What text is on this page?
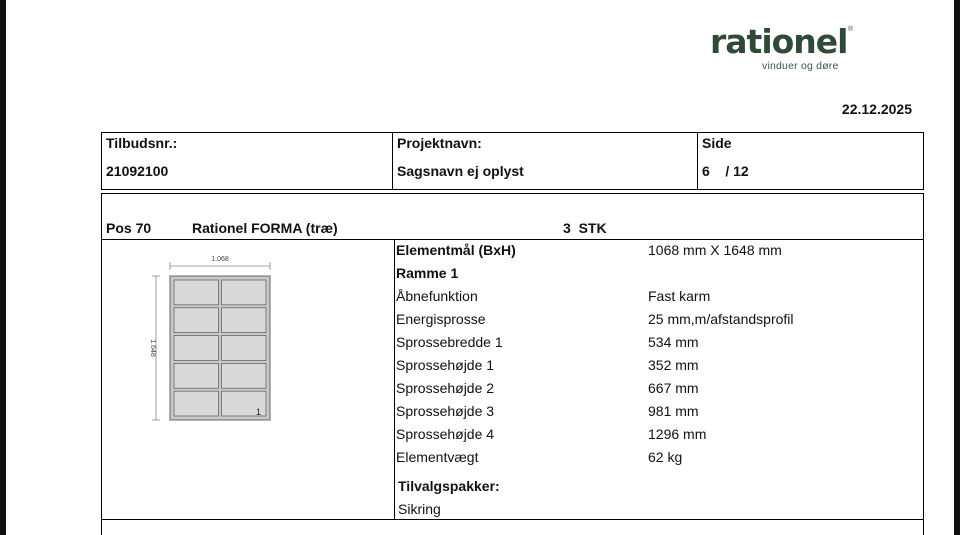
rationel ®
vinduer og døre
22.12.2025
Tilbudsnr.:
21092100
Projektnavn:
Sagsnavn ej oplyst
Side
6    / 12
Pos 70	Rationel FORMA (træ)	3  STK
1.068
1.648
1
Elementmål (BxH)	1068 mm X 1648 mm
Ramme 1
Åbnefunktion	Fast karm
Energisprosse	25 mm,m/afstandsprofil
Sprossebredde 1	534 mm
Sprossehøjde 1	352 mm
Sprossehøjde 2	667 mm
Sprossehøjde 3	981 mm
Sprossehøjde 4	1296 mm
Elementvægt	62 kg
Tilvalgspakker:
Sikring
